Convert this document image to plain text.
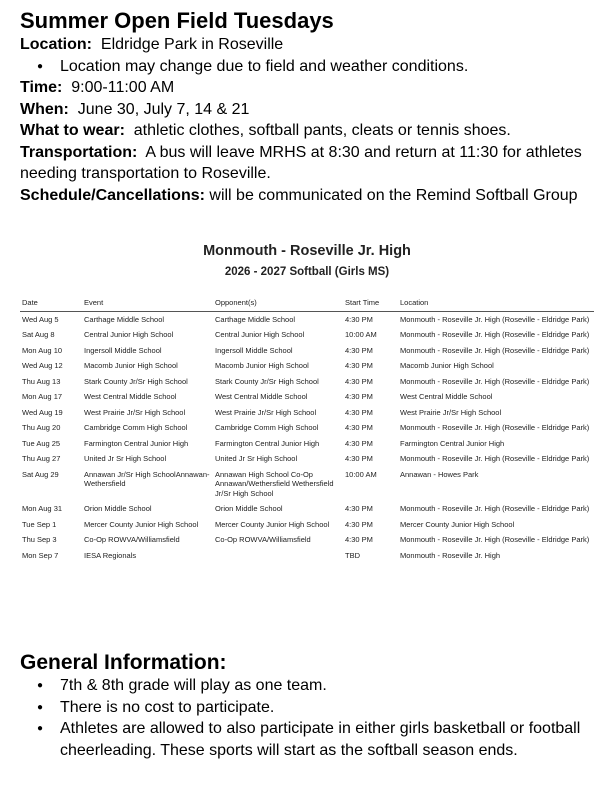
Summer Open Field Tuesdays
Location: Eldridge Park in Roseville
● Location may change due to field and weather conditions.
Time: 9:00-11:00 AM
When: June 30, July 7, 14 & 21
What to wear: athletic clothes, softball pants, cleats or tennis shoes.
Transportation: A bus will leave MRHS at 8:30 and return at 11:30 for athletes needing transportation to Roseville.
Schedule/Cancellations: will be communicated on the Remind Softball Group
Monmouth - Roseville Jr. High
2026 - 2027 Softball (Girls MS)
Date	Event	Opponent(s)	Start Time	Location
Wed Aug 5	Carthage Middle School	Carthage Middle School	4:30 PM	Monmouth - Roseville Jr. High (Roseville - Eldridge Park)
Sat Aug 8	Central Junior High School	Central Junior High School	10:00 AM	Monmouth - Roseville Jr. High (Roseville - Eldridge Park)
Mon Aug 10	Ingersoll Middle School	Ingersoll Middle School	4:30 PM	Monmouth - Roseville Jr. High (Roseville - Eldridge Park)
Wed Aug 12	Macomb Junior High School	Macomb Junior High School	4:30 PM	Macomb Junior High School
Thu Aug 13	Stark County Jr/Sr High School	Stark County Jr/Sr High School	4:30 PM	Monmouth - Roseville Jr. High (Roseville - Eldridge Park)
Mon Aug 17	West Central Middle School	West Central Middle School	4:30 PM	West Central Middle School
Wed Aug 19	West Prairie Jr/Sr High School	West Prairie Jr/Sr High School	4:30 PM	West Prairie Jr/Sr High School
Thu Aug 20	Cambridge Comm High School	Cambridge Comm High School	4:30 PM	Monmouth - Roseville Jr. High (Roseville - Eldridge Park)
Tue Aug 25	Farmington Central Junior High	Farmington Central Junior High	4:30 PM	Farmington Central Junior High
Thu Aug 27	United Jr Sr High School	United Jr Sr High School	4:30 PM	Monmouth - Roseville Jr. High (Roseville - Eldridge Park)
Sat Aug 29	Annawan Jr/Sr High SchoolAnnawan-Wethersfield	Annawan High School Co-Op Annawan/Wethersfield Wethersfield Jr/Sr High School	10:00 AM	Annawan - Howes Park
Mon Aug 31	Orion Middle School	Orion Middle School	4:30 PM	Monmouth - Roseville Jr. High (Roseville - Eldridge Park)
Tue Sep 1	Mercer County Junior High School	Mercer County Junior High School	4:30 PM	Mercer County Junior High School
Thu Sep 3	Co-Op ROWVA/Williamsfield	Co-Op ROWVA/Williamsfield	4:30 PM	Monmouth - Roseville Jr. High (Roseville - Eldridge Park)
Mon Sep 7	IESA Regionals		TBD	Monmouth - Roseville Jr. High
General Information:
● 7th & 8th grade will play as one team.
● There is no cost to participate.
● Athletes are allowed to also participate in either girls basketball or football cheerleading. These sports will start as the softball season ends.
